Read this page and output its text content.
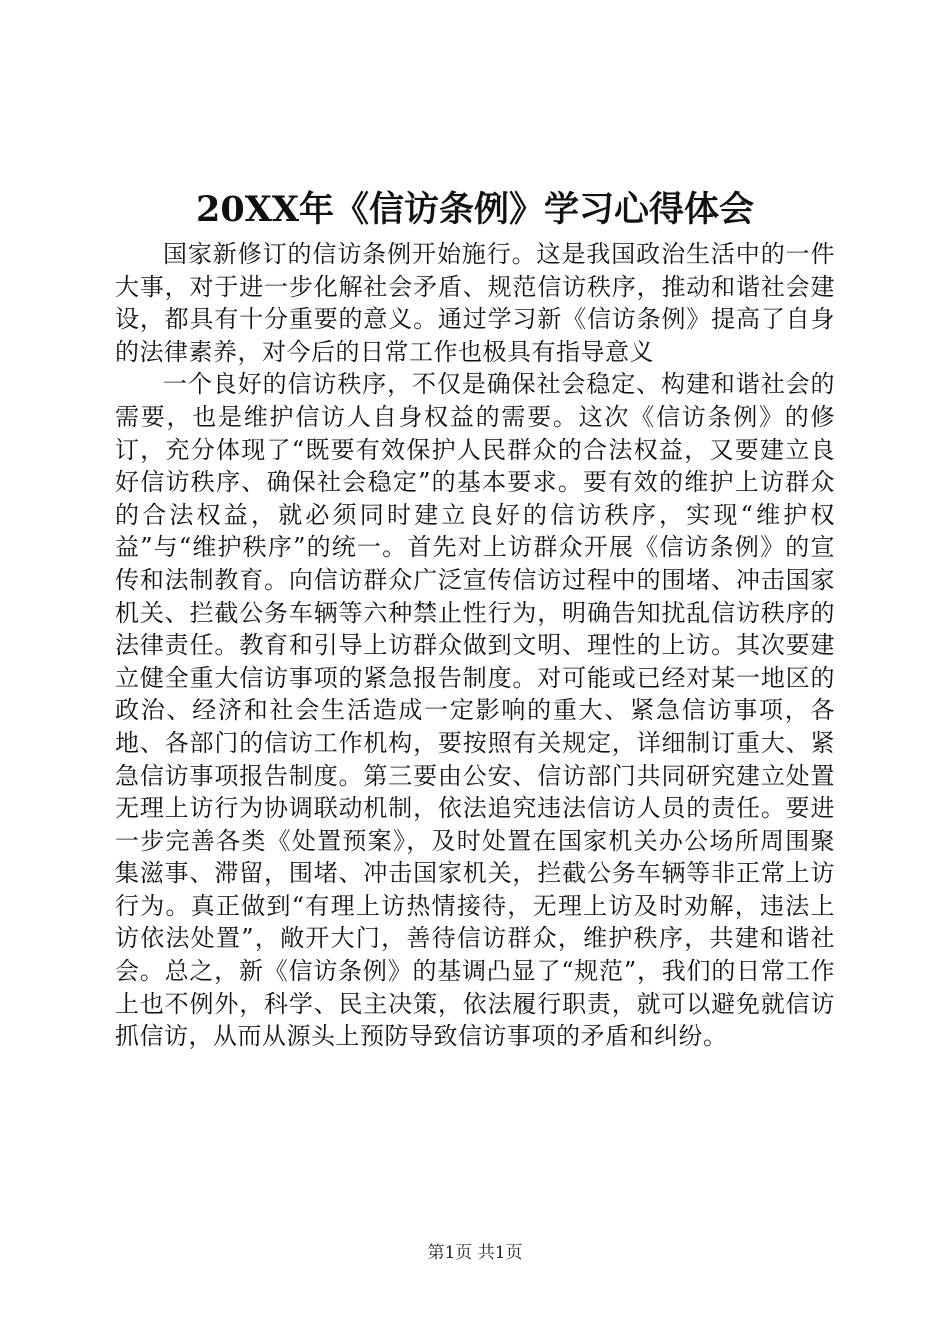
20XX年《信访条例》学习心得体会

国家新修订的信访条例开始施行。这是我国政治生活中的一件大事，对于进一步化解社会矛盾、规范信访秩序，推动和谐社会建设，都具有十分重要的意义。通过学习新《信访条例》提高了自身的法律素养，对今后的日常工作也极具有指导意义

一个良好的信访秩序，不仅是确保社会稳定、构建和谐社会的需要，也是维护信访人自身权益的需要。这次《信访条例》的修订，充分体现了“既要有效保护人民群众的合法权益，又要建立良好信访秩序、确保社会稳定”的基本要求。要有效的维护上访群众的合法权益，就必须同时建立良好的信访秩序，实现“维护权益”与“维护秩序”的统一。首先对上访群众开展《信访条例》的宣传和法制教育。向信访群众广泛宣传信访过程中的围堵、冲击国家机关、拦截公务车辆等六种禁止性行为，明确告知扰乱信访秩序的法律责任。教育和引导上访群众做到文明、理性的上访。其次要建立健全重大信访事项的紧急报告制度。对可能或已经对某一地区的政治、经济和社会生活造成一定影响的重大、紧急信访事项，各地、各部门的信访工作机构，要按照有关规定，详细制订重大、紧急信访事项报告制度。第三要由公安、信访部门共同研究建立处置无理上访行为协调联动机制，依法追究违法信访人员的责任。要进一步完善各类《处置预案》，及时处置在国家机关办公场所周围聚集滋事、滞留，围堵、冲击国家机关，拦截公务车辆等非正常上访行为。真正做到“有理上访热情接待，无理上访及时劝解，违法上访依法处置”，敞开大门，善待信访群众，维护秩序，共建和谐社会。总之，新《信访条例》的基调凸显了“规范”，我们的日常工作上也不例外，科学、民主决策，依法履行职责，就可以避免就信访抓信访，从而从源头上预防导致信访事项的矛盾和纠纷。

第1页 共1页
